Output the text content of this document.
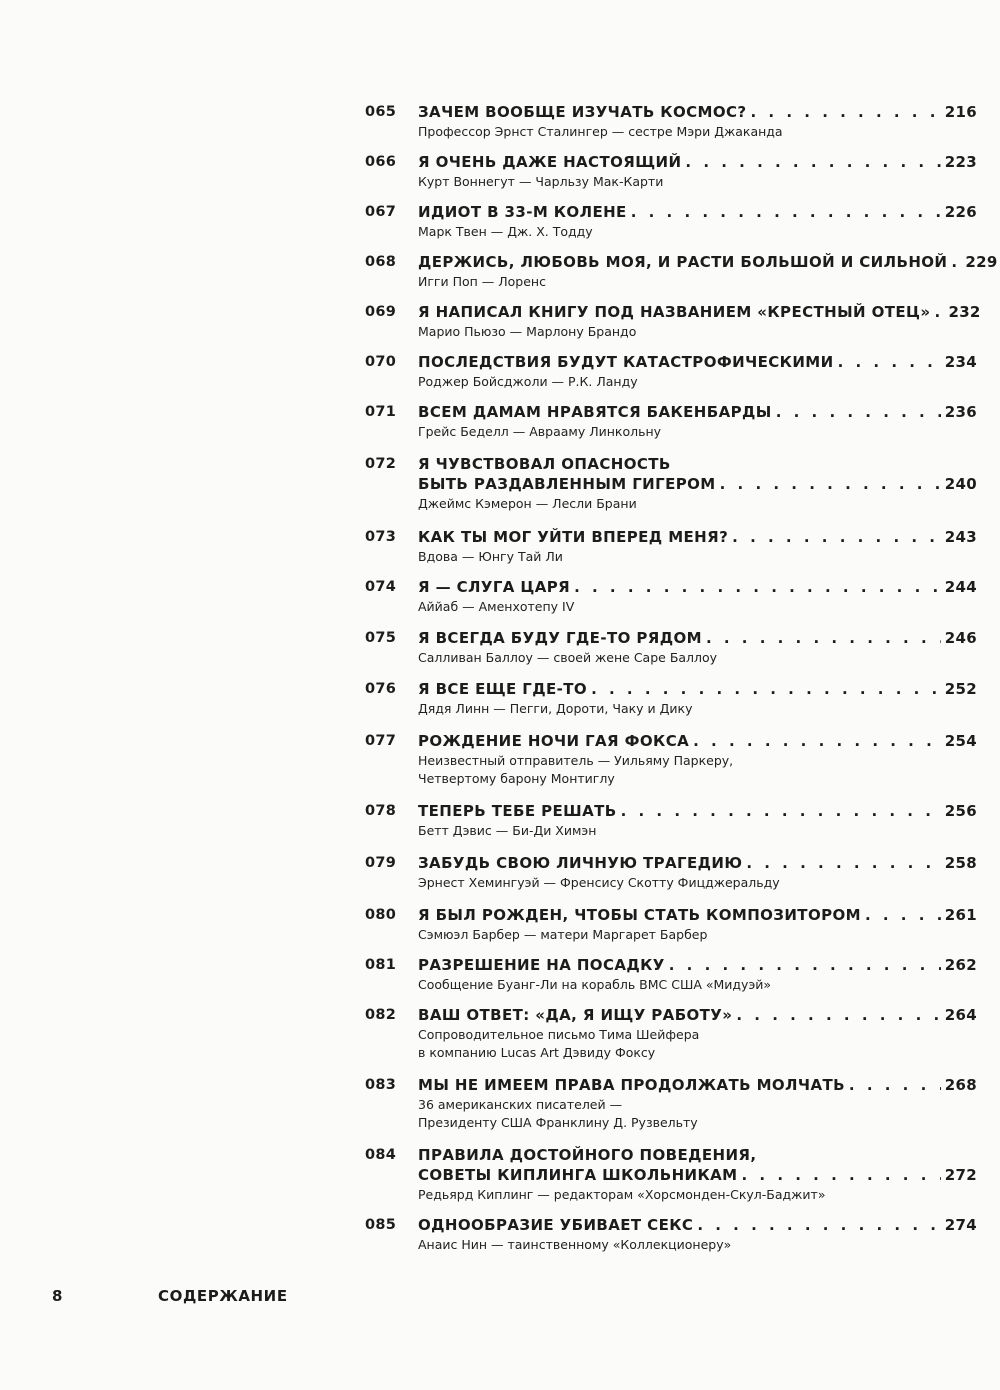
065 ЗАЧЕМ ВООБЩЕ ИЗУЧАТЬ КОСМОС? . . .	216
Профессор Эрнст Сталингер — сестре Мэри Джаканда
066 Я ОЧЕНЬ ДАЖЕ НАСТОЯЩИЙ . . .	223
Курт Воннегут — Чарльзу Мак-Карти
067 ИДИОТ В 33-М КОЛЕНЕ . . .	226
Марк Твен — Дж. Х. Тодду
068 ДЕРЖИСЬ, ЛЮБОВЬ МОЯ, И РАСТИ БОЛЬШОЙ И СИЛЬНОЙ . . . 229
Игги Поп — Лоренс
069 Я НАПИСАЛ КНИГУ ПОД НАЗВАНИЕМ «КРЕСТНЫЙ ОТЕЦ» . . . 232
Марио Пьюзо — Марлону Брандо
070 ПОСЛЕДСТВИЯ БУДУТ КАТАСТРОФИЧЕСКИМИ . . .	234
Роджер Бойсджоли — Р.К. Ланду
071 ВСЕМ ДАМАМ НРАВЯТСЯ БАКЕНБАРДЫ . . .	236
Грейс Беделл — Аврааму Линкольну
072 Я ЧУВСТВОВАЛ ОПАСНОСТЬ
БЫТЬ РАЗДАВЛЕННЫМ ГИГЕРОМ . . .	240
Джеймс Кэмерон — Лесли Брани
073 КАК ТЫ МОГ УЙТИ ВПЕРЕД МЕНЯ? . . .	243
Вдова — Юнгу Тай Ли
074 Я — СЛУГА ЦАРЯ . . .	244
Аййаб — Аменхотепу IV
075 Я ВСЕГДА БУДУ ГДЕ-ТО РЯДОМ . . .	246
Салливан Баллоу — своей жене Саре Баллоу
076 Я ВСЕ ЕЩЕ ГДЕ-ТО . . .	252
Дядя Линн — Пегги, Дороти, Чаку и Дику
077 РОЖДЕНИЕ НОЧИ ГАЯ ФОКСА . . .	254
Неизвестный отправитель — Уильяму Паркеру,
Четвертому барону Монтиглу
078 ТЕПЕРЬ ТЕБЕ РЕШАТЬ . . .	256
Бетт Дэвис — Би-Ди Химэн
079 ЗАБУДЬ СВОЮ ЛИЧНУЮ ТРАГЕДИЮ . . .	258
Эрнест Хемингуэй — Френсису Скотту Фицджеральду
080 Я БЫЛ РОЖДЕН, ЧТОБЫ СТАТЬ КОМПОЗИТОРОМ . . .	261
Сэмюэл Барбер — матери Маргарет Барбер
081 РАЗРЕШЕНИЕ НА ПОСАДКУ . . .	262
Сообщение Буанг-Ли на корабль ВМС США «Мидуэй»
082 ВАШ ОТВЕТ: «ДА, Я ИЩУ РАБОТУ» . . .	264
Сопроводительное письмо Тима Шейфера
в компанию Lucas Art Дэвиду Фоксу
083 МЫ НЕ ИМЕЕМ ПРАВА ПРОДОЛЖАТЬ МОЛЧАТЬ . . .	268
36 американских писателей —
Президенту США Франклину Д. Рузвельту
084 ПРАВИЛА ДОСТОЙНОГО ПОВЕДЕНИЯ,
СОВЕТЫ КИПЛИНГА ШКОЛЬНИКАМ . . .	272
Редьярд Киплинг — редакторам «Хорсмонден-Скул-Баджит»
085 ОДНООБРАЗИЕ УБИВАЕТ СЕКС . . .	274
Анаис Нин — таинственному «Коллекционеру»
8	СОДЕРЖАНИЕ
